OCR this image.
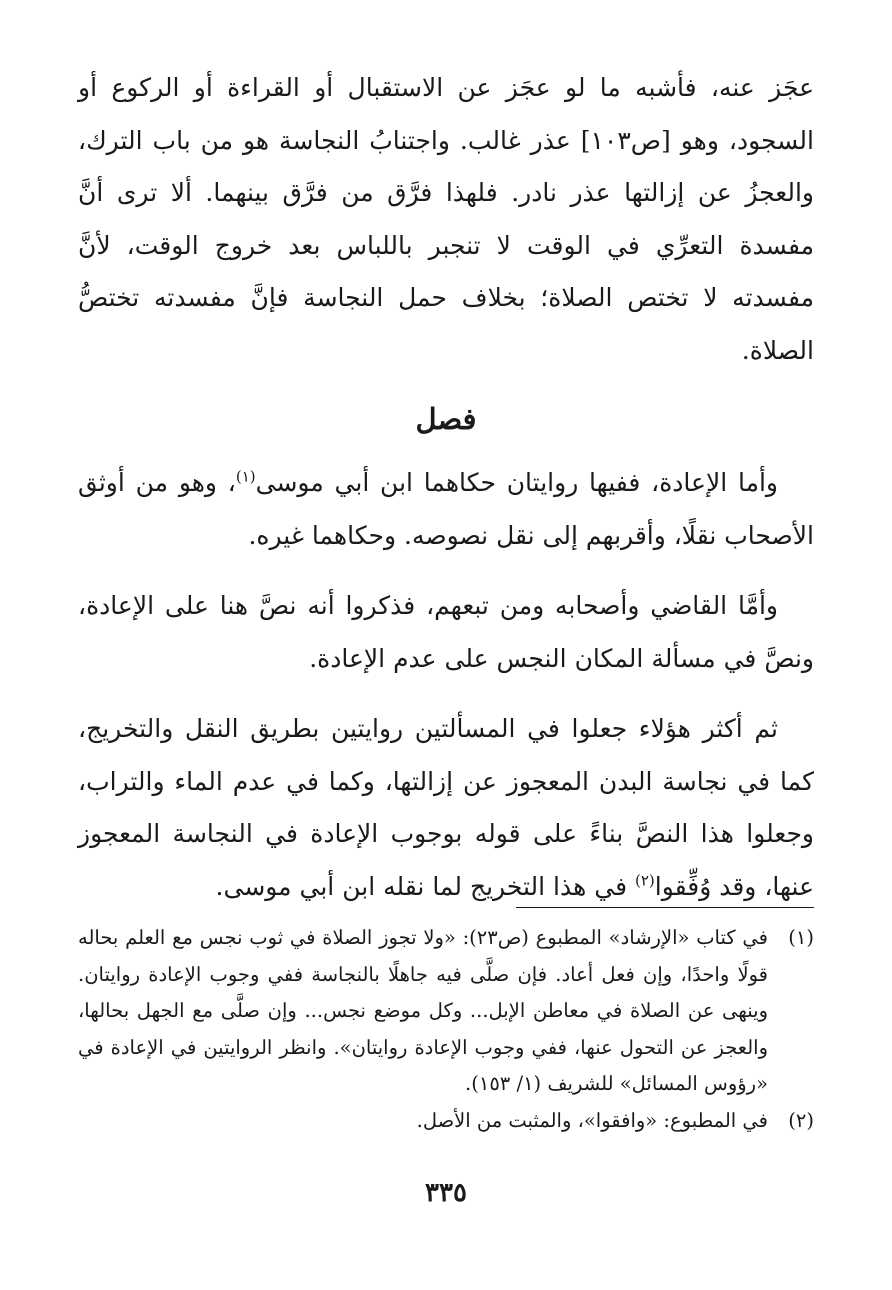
عجَز عنه، فأشبه ما لو عجَز عن الاستقبال أو القراءة أو الركوع أو السجود، وهو [ص١٠٣] عذر غالب. واجتنابُ النجاسة هو من باب الترك، والعجزُ عن إزالتها عذر نادر. فلهذا فرَّق من فرَّق بينهما. ألا ترى أنَّ مفسدة التعرِّي في الوقت لا تنجبر باللباس بعد خروج الوقت، لأنَّ مفسدته لا تختص الصلاة؛ بخلاف حمل النجاسة فإنَّ مفسدته تختصُّ الصلاة.

فصل

وأما الإعادة، ففيها روايتان حكاهما ابن أبي موسى$^{(١)}$، وهو من أوثق الأصحاب نقلًا، وأقربهم إلى نقل نصوصه. وحكاهما غيره.

وأمَّا القاضي وأصحابه ومن تبعهم، فذكروا أنه نصَّ هنا على الإعادة، ونصَّ في مسألة المكان النجس على عدم الإعادة.

ثم أكثر هؤلاء جعلوا في المسألتين روايتين بطريق النقل والتخريج، كما في نجاسة البدن المعجوز عن إزالتها، وكما في عدم الماء والتراب، وجعلوا هذا النصَّ بناءً على قوله بوجوب الإعادة في النجاسة المعجوز عنها، وقد وُفِّقوا$^{(٢)}$ في هذا التخريج لما نقله ابن أبي موسى.

(١)
في كتاب «الإرشاد» المطبوع (ص٢٣): «ولا تجوز الصلاة في ثوب نجس مع العلم بحاله قولًا واحدًا، وإن فعل أعاد. فإن صلَّى فيه جاهلًا بالنجاسة ففي وجوب الإعادة روايتان. وينهى عن الصلاة في معاطن الإبل... وكل موضع نجس... وإن صلَّى مع الجهل بحالها، والعجز عن التحول عنها، ففي وجوب الإعادة روايتان». وانظر الروايتين في الإعادة في «رؤوس المسائل» للشريف (١/ ١٥٣).
(٢)
في المطبوع: «وافقوا»، والمثبت من الأصل.
٣٣٥
